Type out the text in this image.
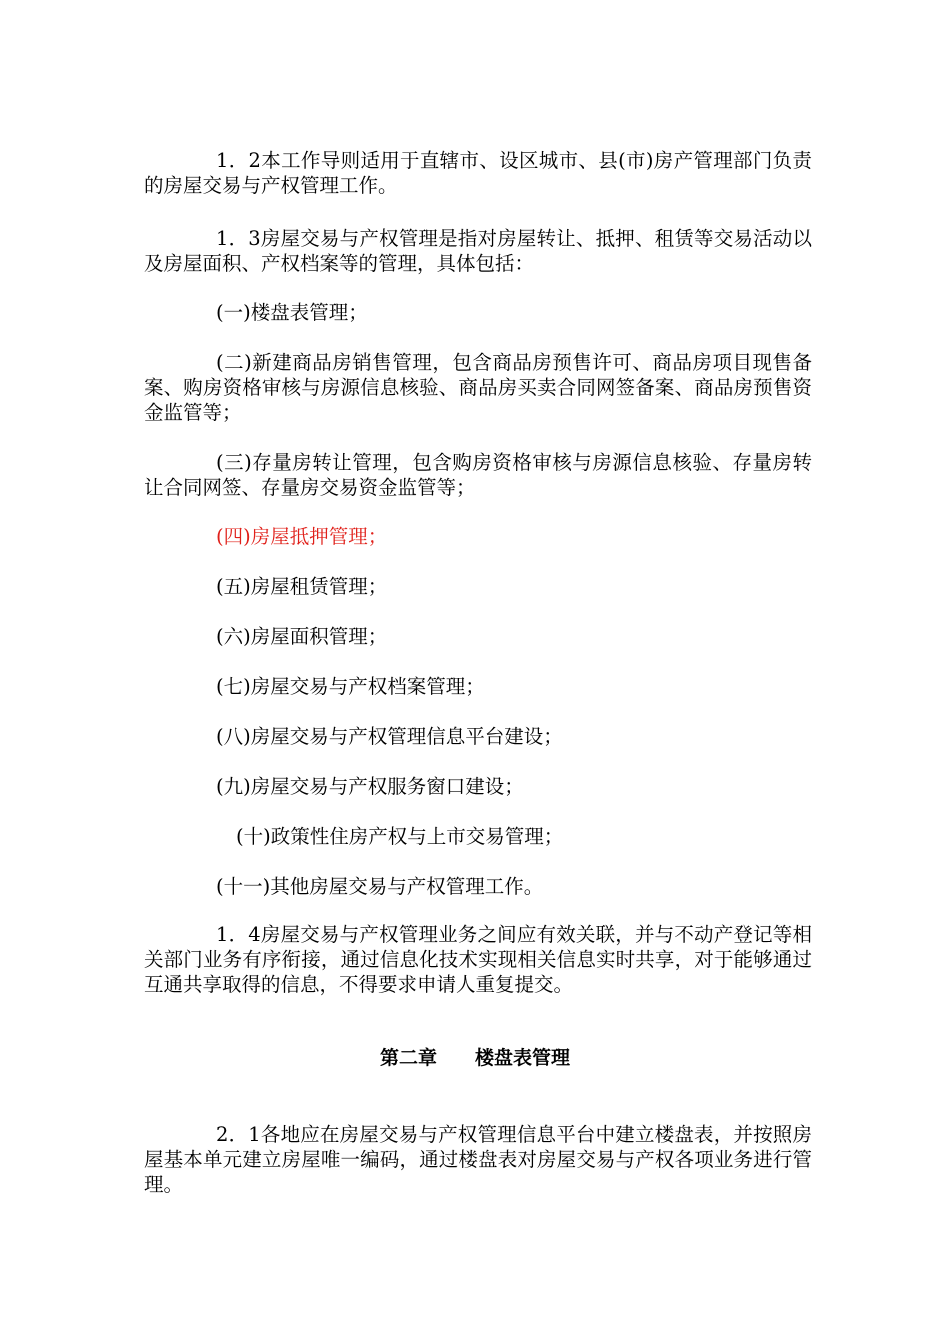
1．2本工作导则适用于直辖市、设区城市、县(市)房产管理部门负责的房屋交易与产权管理工作。

1．3房屋交易与产权管理是指对房屋转让、抵押、租赁等交易活动以及房屋面积、产权档案等的管理，具体包括：

(一)楼盘表管理；

(二)新建商品房销售管理，包含商品房预售许可、商品房项目现售备案、购房资格审核与房源信息核验、商品房买卖合同网签备案、商品房预售资金监管等；

(三)存量房转让管理，包含购房资格审核与房源信息核验、存量房转让合同网签、存量房交易资金监管等；

(四)房屋抵押管理；

(五)房屋租赁管理；

(六)房屋面积管理；

(七)房屋交易与产权档案管理；

(八)房屋交易与产权管理信息平台建设；

(九)房屋交易与产权服务窗口建设；

(十)政策性住房产权与上市交易管理；

(十一)其他房屋交易与产权管理工作。

1．4房屋交易与产权管理业务之间应有效关联，并与不动产登记等相关部门业务有序衔接，通过信息化技术实现相关信息实时共享，对于能够通过互通共享取得的信息，不得要求申请人重复提交。

第二章　　楼盘表管理

2．1各地应在房屋交易与产权管理信息平台中建立楼盘表，并按照房屋基本单元建立房屋唯一编码，通过楼盘表对房屋交易与产权各项业务进行管理。
